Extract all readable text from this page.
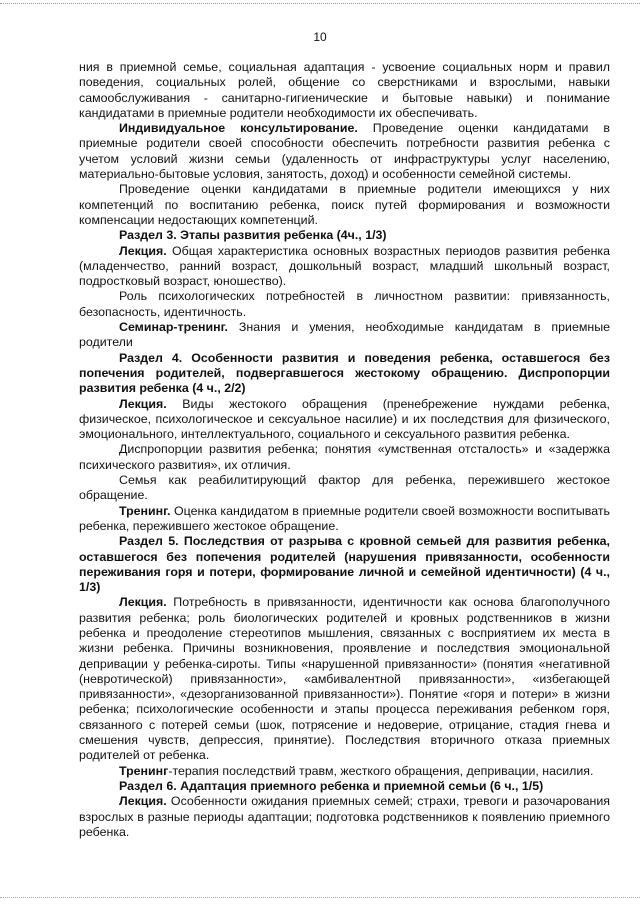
10

ния в приемной семье, социальная адаптация - усвоение социальных норм и правил поведения, социальных ролей, общение со сверстниками и взрослыми, навыки самообслуживания - санитарно-гигиенические и бытовые навыки) и понимание кандидатами в приемные родители необходимости их обеспечивать.

Индивидуальное консультирование. Проведение оценки кандидатами в приемные родители своей способности обеспечить потребности развития ребенка с учетом условий жизни семьи (удаленность от инфраструктуры услуг населению, материально-бытовые условия, занятость, доход) и особенности семейной системы.

Проведение оценки кандидатами в приемные родители имеющихся у них компетенций по воспитанию ребенка, поиск путей формирования и возможности компенсации недостающих компетенций.

Раздел 3. Этапы развития ребенка (4ч., 1/3)

Лекция. Общая характеристика основных возрастных периодов развития ребенка (младенчество, ранний возраст, дошкольный возраст, младший школьный возраст, подростковый возраст, юношество).

Роль психологических потребностей в личностном развитии: привязанность, безопасность, идентичность.

Семинар-тренинг. Знания и умения, необходимые кандидатам в приемные родители

Раздел 4. Особенности развития и поведения ребенка, оставшегося без попечения родителей, подвергавшегося жестокому обращению. Диспропорции развития ребенка (4 ч., 2/2)

Лекция. Виды жестокого обращения (пренебрежение нуждами ребенка, физическое, психологическое и сексуальное насилие) и их последствия для физического, эмоционального, интеллектуального, социального и сексуального развития ребенка.

Диспропорции развития ребенка; понятия «умственная отсталость» и «задержка психического развития», их отличия.

Семья как реабилитирующий фактор для ребенка, пережившего жестокое обращение.

Тренинг. Оценка кандидатом в приемные родители своей возможности воспитывать ребенка, пережившего жестокое обращение.

Раздел 5. Последствия от разрыва с кровной семьей для развития ребенка, оставшегося без попечения родителей (нарушения привязанности, особенности переживания горя и потери, формирование личной и семейной идентичности) (4 ч., 1/3)

Лекция. Потребность в привязанности, идентичности как основа благополучного развития ребенка; роль биологических родителей и кровных родственников в жизни ребенка и преодоление стереотипов мышления, связанных с восприятием их места в жизни ребенка. Причины возникновения, проявление и последствия эмоциональной депривации у ребенка-сироты. Типы «нарушенной привязанности» (понятия «негативной (невротической) привязанности», «амбивалентной привязанности», «избегающей привязанности», «дезорганизованной привязанности»). Понятие «горя и потери» в жизни ребенка; психологические особенности и этапы процесса переживания ребенком горя, связанного с потерей семьи (шок, потрясение и недоверие, отрицание, стадия гнева и смешения чувств, депрессия, принятие). Последствия вторичного отказа приемных родителей от ребенка.

Тренинг-терапия последствий травм, жесткого обращения, депривации, насилия.

Раздел 6. Адаптация приемного ребенка и приемной семьи (6 ч., 1/5)

Лекция. Особенности ожидания приемных семей; страхи, тревоги и разочарования взрослых в разные периоды адаптации; подготовка родственников к появлению приемного ребенка.
